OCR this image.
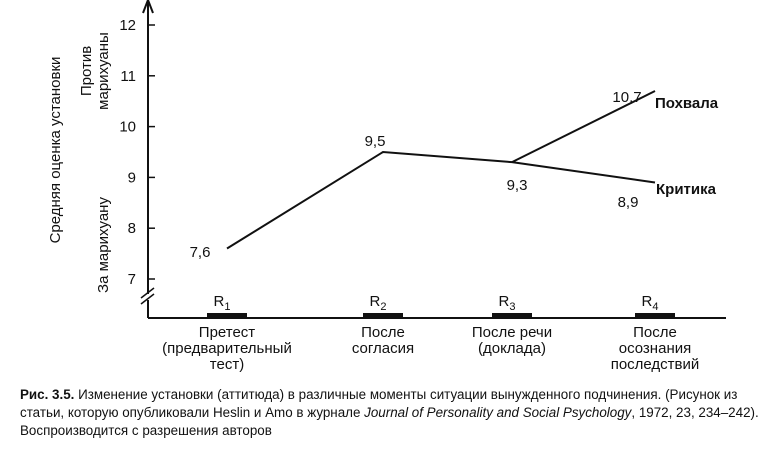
7
8
9
10
11
12
7,6
9,5
9,3
10,7
8,9
Похвала
Критика
$R_1$
Претест
(предварительный
тест)
$R_2$
После
согласия
$R_3$
После речи
(доклада)
$R_4$
После
осознания
последствий
Средняя оценка установки Против марихуаны
За марихуану
Рис. 3.5. Изменение установки (аттитюда) в различные моменты ситуации вынужденного подчинения. (Рисунок из статьи, которую опубликовали Heslin и Amo в журнале Journal of Personality and Social Psychology, 1972, 23, 234–242). Воспроизводится с разрешения авторов
